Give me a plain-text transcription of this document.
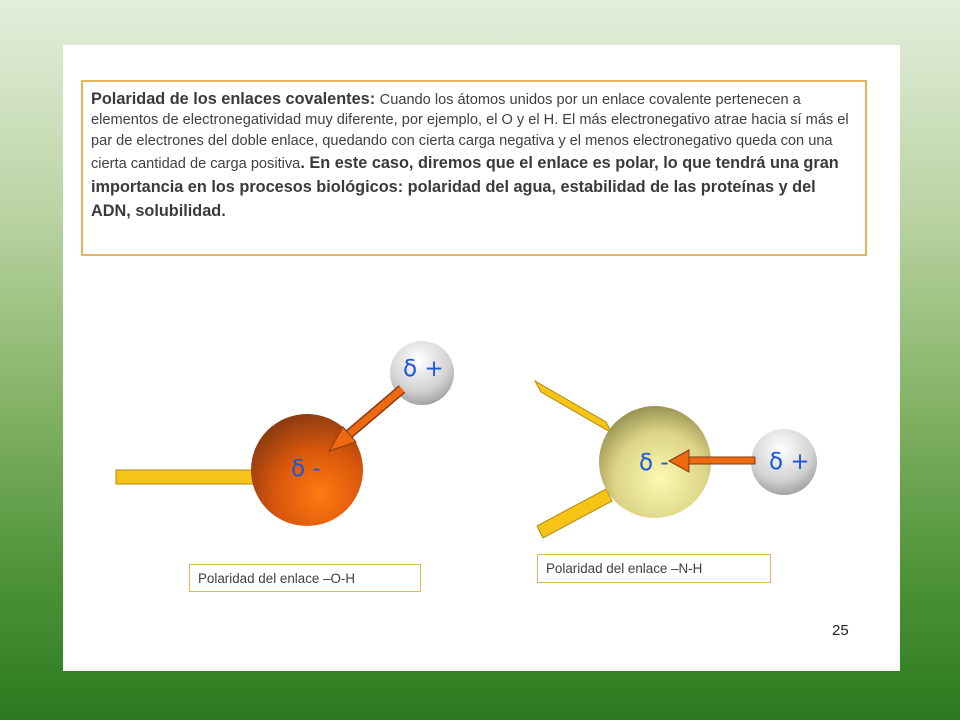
Polaridad de los enlaces covalentes: Cuando los átomos unidos por un enlace covalente pertenecen a elementos de electronegatividad muy diferente, por ejemplo, el O y el H. El más electronegativo atrae hacia sí más el par de electrones del doble enlace, quedando con cierta carga negativa y el menos electronegativo queda con una cierta cantidad de carga positiva. En este caso, diremos que el enlace es polar, lo que tendrá una gran importancia en los procesos biológicos: polaridad del agua, estabilidad de las proteínas y del ADN, solubilidad.

δ +
δ -	δ -	δ +
Polaridad del enlace –O-H
Polaridad del enlace –N-H
25
